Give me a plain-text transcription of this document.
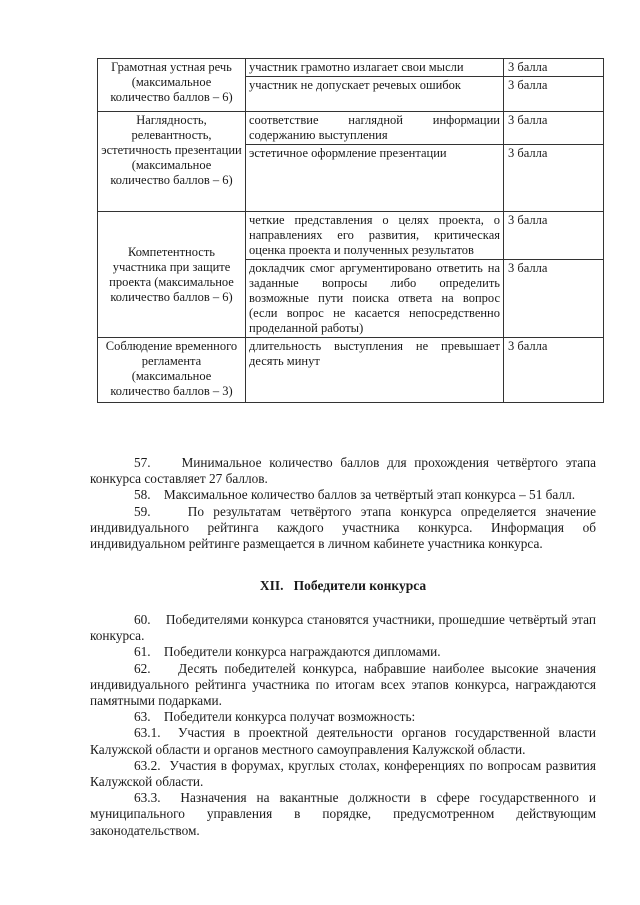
Грамотная устная речь (максимальное количество баллов – 6)	участник грамотно излагает свои мысли	3 балла
	участник не допускает речевых ошибок	3 балла
Наглядность, релевантность, эстетичность презентации (максимальное количество баллов – 6)	соответствие наглядной информации содержанию выступления	3 балла
	эстетичное оформление презентации	3 балла
Компетентность участника при защите проекта (максимальное количество баллов – 6)	четкие представления о целях проекта, о направлениях его развития, критическая оценка проекта и полученных результатов	3 балла
	докладчик смог аргументировано ответить на заданные вопросы либо определить возможные пути поиска ответа на вопрос (если вопрос не касается непосредственно проделанной работы)	3 балла
Соблюдение временного регламента (максимальное количество баллов – 3)	длительность выступления не превышает десять минут	3 балла

57. Минимальное количество баллов для прохождения четвёртого этапа конкурса составляет 27 баллов.

58. Максимальное количество баллов за четвёртый этап конкурса – 51 балл.

59.	По результатам четвёртого этапа конкурса определяется значение индивидуального рейтинга каждого участника конкурса. Информация об индивидуальном рейтинге размещается в личном кабинете участника конкурса.

XII. Победители конкурса

60. Победителями конкурса становятся участники, прошедшие четвёртый этап конкурса.

61. Победители конкурса награждаются дипломами.

62. Десять победителей конкурса, набравшие наиболее высокие значения индивидуального рейтинга участника по итогам всех этапов конкурса, награждаются памятными подарками.

63. Победители конкурса получат возможность:

63.1. Участия в проектной деятельности органов государственной власти Калужской области и органов местного самоуправления Калужской области.

63.2. Участия в форумах, круглых столах, конференциях по вопросам развития Калужской области.

63.3. Назначения на вакантные должности в сфере государственного и муниципального управления в порядке, предусмотренном действующим законодательством.
